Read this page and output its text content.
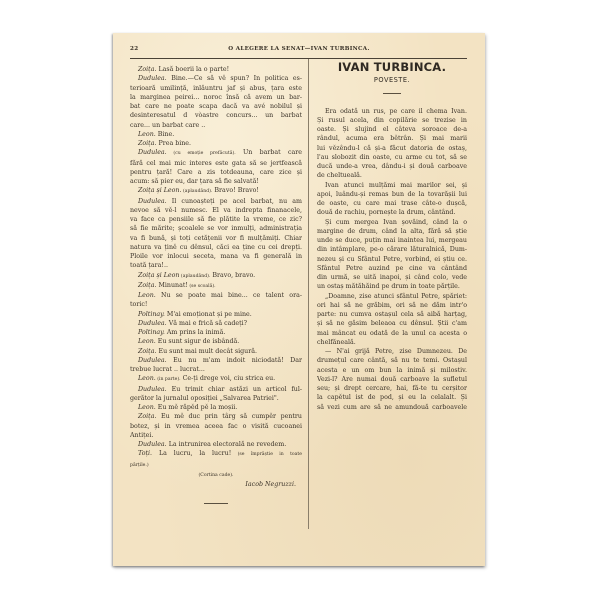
22	O ALEGERE LA SENAT—IVAN TURBINCA.
Zoița. Lasă boerii la o parte!
Dudulea. Bine.—Ce să vĕ spun? In politica es-
terioară umilință, inlăuntru jaf și abus, țara este
la marginea peirei... noroc însă că avem un bar-
bat care ne poate scapa dacă va avé nobilul și
desinteresatul d vòastre concurs... un barbat
care... un barbat care ..
Leon. Bine.
Zoița. Prea bine.
Dudulea. (cu emoție prefăcută). Un barbat care
fără cel mai mic interes este gata să se jertfească
pentru țară! Care a zis totdeauna, care zice și
acum: să pier eu, dar țara să fie salvată!
Zoița și Leon. (aplaudând). Bravo! Bravo!
Dudulea. Il cunoașteți pe acel barbat, nu am
nevoe să vĕ-l numesc. El va indrepta finanacele,
va face ca pensiile să fie plătite la vreme, ce zic?
să fie mărite; școalele se vor inmulți, administrația
va fi bună, și toți cetățenii vor fi mulțămiți. Chiar
natura va ținĕ cu dênsul, căci ea ține cu cei drepți.
Ploile vor inlocui seceta, mana va fi generală in
toată țara!..
Zoița și Leon (aplaudând). Bravo, bravo.
Zoița. Minunat! (se scoală).
Leon. Nu se poate mai bine... ce talent ora-
toric!
Poltinay. M'ai emoționat și pe mine.
Dudulea. Vă mai e frică să cadeți?
Poltinay. Am prins la inimă.
Leon. Eu sunt sigur de isbândă.
Zoița. Eu sunt mai mult decât sigură.
Dudulea. Eu nu m'am indoit niciodată! Dar
trebue lucrat .. lucrat...
Leon. (in parte). Ce-ți drege voi, ciu strica eu.
Dudulea. Eu trimit chiar astăzi un articol ful-
gerător la jurnalul oposiției „Salvarea Patriei".
Leon. Eu mĕ răpĕd pĕ la moșii.
Zoița. Eu mĕ duc prin târg să cumpĕr pentru
botez, și in vremea aceea fac o visită cucoanei
Antiței.
Dudulea. La intrunirea electorală ne revedem.
Toți. La lucru, la lucru! (se împrăștie in toate
părțile.)
(Cortina cade).
Iacob Negruzzi.
IVAN TURBINCA.
POVESTE.
Era odată un rus, pe care il chema Ivan.
Și rusul acela, din copilărie se trezise in
oaste. Și slujind el câteva soroace de-a
rândul, acuma era bĕtrân. Și mai marii
lui vĕzêndu-l că și-a făcut datoria de ostaș,
l'au slobozit din oaste, cu arme cu tot, să se
ducă unde-a vrea, dându-i și două carboave
de cheltueală.
Ivan atunci mulțămi mai marilor sei, și
apoi, luându-și remas bun de la tovarășii lui
de oaste, cu care mai trase câte-o dușcă,
două de rachiu, pornește la drum, cântând.
Și cum mergea Ivan șovăind, când la o
margine de drum, când la alta, fără să știe
unde se duce, puțin mai inaintea lui, mergeau
din intâmplare, pe-o cărare lăturalnică, Dum-
nezeu și cu Sfântul Petre, vorbind, ei știu ce.
Sfântul Petre auzind pe cine va cântând
din urmă, se uită inapoi, și când colo, vede
un ostaș mătăhăind pe drum in toate părțile.
„Doamne, zise atunci sfântul Petre, spăriet:
ori hai să ne grăbim, ori să ne dăm intr'o
parte: nu cumva ostașul cela să aibă harțag,
și să ne găsim beleaoa cu dênsul. Știi c'am
mai mâncat eu odată de la unul ca acesta o
chelfăneală.
— N'ai grijă Petre, zise Dumnezeu. De
drumețul care cântă, să nu te temi. Ostașul
acesta e un om bun la inimă și milostiv.
Vezi-l? Are numai două carboave la sufletul
seu; și drept cercare, hai, fă-te tu cerșitor
la capĕtul ist de pod, și eu la celalalt. Și
să vezi cum are să ne amundouă carboavele
